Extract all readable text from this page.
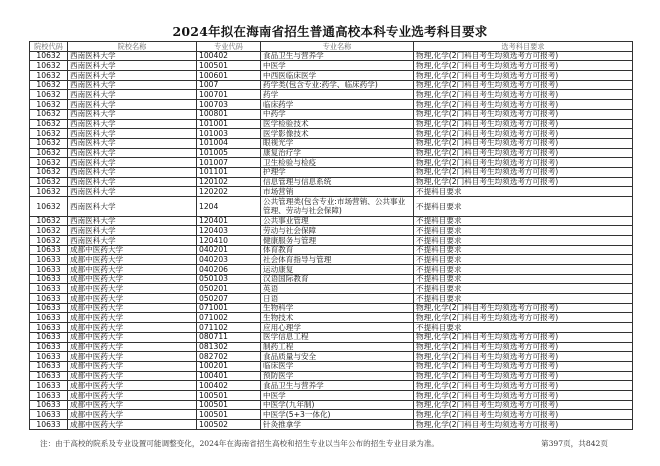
2024年拟在海南省招生普通高校本科专业选考科目要求
院校代码	院校名称	专业代码	专业名称	选考科目要求
10632	西南医科大学	100402	食品卫生与营养学	物理,化学(2门科目考生均须选考方可报考)
10632	西南医科大学	100501	中医学	物理,化学(2门科目考生均须选考方可报考)
10632	西南医科大学	100601	中西医临床医学	物理,化学(2门科目考生均须选考方可报考)
10632	西南医科大学	1007	药学类(包含专业:药学、临床药学)	物理,化学(2门科目考生均须选考方可报考)
10632	西南医科大学	100701	药学	物理,化学(2门科目考生均须选考方可报考)
10632	西南医科大学	100703	临床药学	物理,化学(2门科目考生均须选考方可报考)
10632	西南医科大学	100801	中药学	物理,化学(2门科目考生均须选考方可报考)
10632	西南医科大学	101001	医学检验技术	物理,化学(2门科目考生均须选考方可报考)
10632	西南医科大学	101003	医学影像技术	物理,化学(2门科目考生均须选考方可报考)
10632	西南医科大学	101004	眼视光学	物理,化学(2门科目考生均须选考方可报考)
10632	西南医科大学	101005	康复治疗学	物理,化学(2门科目考生均须选考方可报考)
10632	西南医科大学	101007	卫生检验与检疫	物理,化学(2门科目考生均须选考方可报考)
10632	西南医科大学	101101	护理学	物理,化学(2门科目考生均须选考方可报考)
10632	西南医科大学	120102	信息管理与信息系统	物理,化学(2门科目考生均须选考方可报考)
10632	西南医科大学	120202	市场营销	不提科目要求
10632	西南医科大学	1204	公共管理类(包含专业:市场营销、公共事业管理、劳动与社会保障)	不提科目要求
10632	西南医科大学	120401	公共事业管理	不提科目要求
10632	西南医科大学	120403	劳动与社会保障	不提科目要求
10632	西南医科大学	120410	健康服务与管理	不提科目要求
10633	成都中医药大学	040201	体育教育	不提科目要求
10633	成都中医药大学	040203	社会体育指导与管理	不提科目要求
10633	成都中医药大学	040206	运动康复	不提科目要求
10633	成都中医药大学	050103	汉语国际教育	不提科目要求
10633	成都中医药大学	050201	英语	不提科目要求
10633	成都中医药大学	050207	日语	不提科目要求
10633	成都中医药大学	071001	生物科学	物理,化学(2门科目考生均须选考方可报考)
10633	成都中医药大学	071002	生物技术	物理,化学(2门科目考生均须选考方可报考)
10633	成都中医药大学	071102	应用心理学	不提科目要求
10633	成都中医药大学	080711	医学信息工程	物理,化学(2门科目考生均须选考方可报考)
10633	成都中医药大学	081302	制药工程	物理,化学(2门科目考生均须选考方可报考)
10633	成都中医药大学	082702	食品质量与安全	物理,化学(2门科目考生均须选考方可报考)
10633	成都中医药大学	100201	临床医学	物理,化学(2门科目考生均须选考方可报考)
10633	成都中医药大学	100401	预防医学	物理,化学(2门科目考生均须选考方可报考)
10633	成都中医药大学	100402	食品卫生与营养学	物理,化学(2门科目考生均须选考方可报考)
10633	成都中医药大学	100501	中医学	物理,化学(2门科目考生均须选考方可报考)
10633	成都中医药大学	100501	中医学(九年制)	物理,化学(2门科目考生均须选考方可报考)
10633	成都中医药大学	100501	中医学(5+3一体化)	物理,化学(2门科目考生均须选考方可报考)
10633	成都中医药大学	100502	针灸推拿学	物理,化学(2门科目考生均须选考方可报考)
注：由于高校的院系及专业设置可能调整变化，2024年在海南省招生高校和招生专业以当年公布的招生专业目录为准。	第397页，共842页
